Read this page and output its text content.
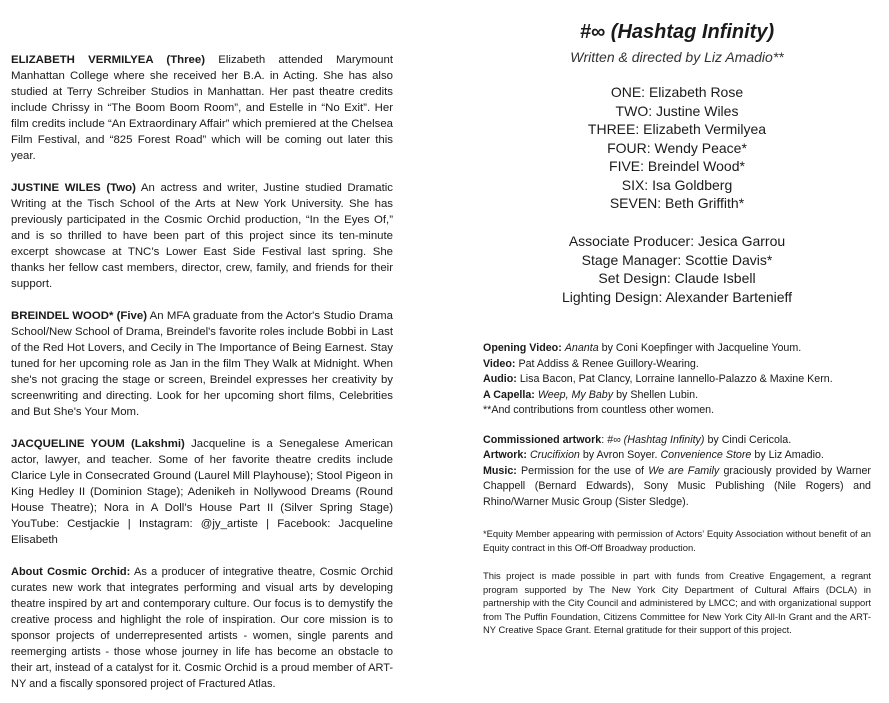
ELIZABETH VERMILYEA (Three) Elizabeth attended Marymount Manhattan College where she received her B.A. in Acting. She has also studied at Terry Schreiber Studios in Manhattan. Her past theatre credits include Chrissy in “The Boom Boom Room”, and Estelle in “No Exit”. Her film credits include “An Extraordinary Affair” which premiered at the Chelsea Film Festival, and “825 Forest Road” which will be coming out later this year.

JUSTINE WILES (Two) An actress and writer, Justine studied Dramatic Writing at the Tisch School of the Arts at New York University. She has previously participated in the Cosmic Orchid production, “In the Eyes Of,” and is so thrilled to have been part of this project since its ten-minute excerpt showcase at TNC’s Lower East Side Festival last spring. She thanks her fellow cast members, director, crew, family, and friends for their support.

BREINDEL WOOD* (Five) An MFA graduate from the Actor's Studio Drama School/New School of Drama, Breindel's favorite roles include Bobbi in Last of the Red Hot Lovers, and Cecily in The Importance of Being Earnest. Stay tuned for her upcoming role as Jan in the film They Walk at Midnight. When she's not gracing the stage or screen, Breindel expresses her creativity by screenwriting and directing. Look for her upcoming short films, Celebrities and But She's Your Mom.

JACQUELINE YOUM (Lakshmi) Jacqueline is a Senegalese American actor, lawyer, and teacher. Some of her favorite theatre credits include Clarice Lyle in Consecrated Ground (Laurel Mill Playhouse); Stool Pigeon in King Hedley II (Dominion Stage); Adenikeh in Nollywood Dreams (Round House Theatre); Nora in A Doll’s House Part II (Silver Spring Stage) YouTube: Cestjackie | Instagram: @jy_artiste | Facebook: Jacqueline Elisabeth

About Cosmic Orchid: As a producer of integrative theatre, Cosmic Orchid curates new work that integrates performing and visual arts by developing theatre inspired by art and contemporary culture. Our focus is to demystify the creative process and highlight the role of inspiration. Our core mission is to sponsor projects of underrepresented artists - women, single parents and reemerging artists - those whose journey in life has become an obstacle to their art, instead of a catalyst for it. Cosmic Orchid is a proud member of ART-NY and a fiscally sponsored project of Fractured Atlas.

#∞ (Hashtag Infinity)
Written & directed by Liz Amadio**
ONE: Elizabeth Rose
TWO: Justine Wiles
THREE: Elizabeth Vermilyea
FOUR: Wendy Peace*
FIVE: Breindel Wood*
SIX: Isa Goldberg
SEVEN: Beth Griffith*
Associate Producer: Jesica Garrou
Stage Manager: Scottie Davis*
Set Design: Claude Isbell
Lighting Design: Alexander Bartenieff
Opening Video: Ananta by Coni Koepfinger with Jacqueline Youm.
Video: Pat Addiss & Renee Guillory-Wearing.
Audio: Lisa Bacon, Pat Clancy, Lorraine Iannello-Palazzo & Maxine Kern.
A Capella: Weep, My Baby by Shellen Lubin.
**And contributions from countless other women.
Commissioned artwork: #∞ (Hashtag Infinity) by Cindi Cericola.
Artwork: Crucifixion by Avron Soyer. Convenience Store by Liz Amadio.
Music: Permission for the use of We are Family graciously provided by Warner Chappell (Bernard Edwards), Sony Music Publishing (Nile Rogers) and Rhino/Warner Music Group (Sister Sledge).
*Equity Member appearing with permission of Actors’ Equity Association without benefit of an Equity contract in this Off-Off Broadway production.
This project is made possible in part with funds from Creative Engagement, a regrant program supported by The New York City Department of Cultural Affairs (DCLA) in partnership with the City Council and administered by LMCC; and with organizational support from The Puffin Foundation, Citizens Committee for New York City All-In Grant and the ART-NY Creative Space Grant. Eternal gratitude for their support of this project.
